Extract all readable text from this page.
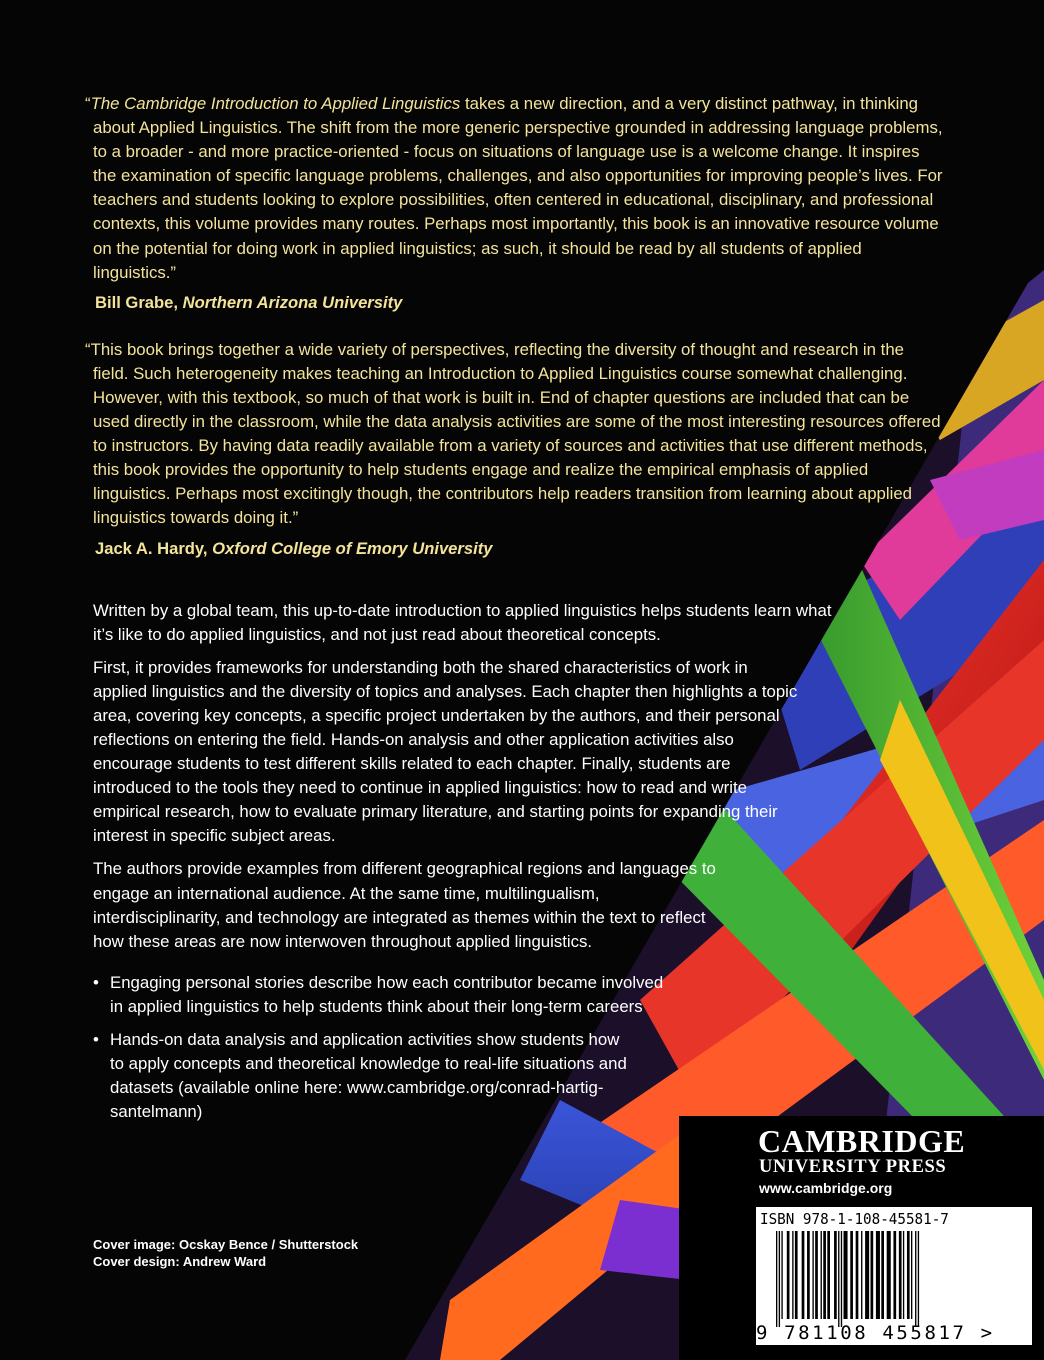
“The Cambridge Introduction to Applied Linguistics takes a new direction, and a very distinct pathway, in thinking about Applied Linguistics. The shift from the more generic perspective grounded in addressing language problems, to a broader - and more practice-oriented - focus on situations of language use is a welcome change. It inspires the examination of specific language problems, challenges, and also opportunities for improving people’s lives. For teachers and students looking to explore possibilities, often centered in educational, disciplinary, and professional contexts, this volume provides many routes. Perhaps most importantly, this book is an innovative resource volume on the potential for doing work in applied linguistics; as such, it should be read by all students of applied linguistics.”

Bill Grabe, Northern Arizona University

“This book brings together a wide variety of perspectives, reflecting the diversity of thought and research in the field. Such heterogeneity makes teaching an Introduction to Applied Linguistics course somewhat challenging. However, with this textbook, so much of that work is built in. End of chapter questions are included that can be used directly in the classroom, while the data analysis activities are some of the most interesting resources offered to instructors. By having data readily available from a variety of sources and activities that use different methods, this book provides the opportunity to help students engage and realize the empirical emphasis of applied linguistics. Perhaps most excitingly though, the contributors help readers transition from learning about applied linguistics towards doing it.”

Jack A. Hardy, Oxford College of Emory University

Written by a global team, this up-to-date introduction to applied linguistics helps students learn what it’s like to do applied linguistics, and not just read about theoretical concepts.

First, it provides frameworks for understanding both the shared characteristics of work in applied linguistics and the diversity of topics and analyses. Each chapter then highlights a topic area, covering key concepts, a specific project undertaken by the authors, and their personal reflections on entering the field. Hands-on analysis and other application activities also encourage students to test different skills related to each chapter. Finally, students are introduced to the tools they need to continue in applied linguistics: how to read and write empirical research, how to evaluate primary literature, and starting points for expanding their interest in specific subject areas.

The authors provide examples from different geographical regions and languages to engage an international audience. At the same time, multilingualism, interdisciplinarity, and technology are integrated as themes within the text to reflect how these areas are now interwoven throughout applied linguistics.

• Engaging personal stories describe how each contributor became involved in applied linguistics to help students think about their long-term careers
• Hands-on data analysis and application activities show students how to apply concepts and theoretical knowledge to real-life situations and datasets (available online here: www.cambridge.org/conrad-hartig-santelmann)
Cover image: Ocskay Bence / Shutterstock
Cover design: Andrew Ward
CAMBRIDGE
UNIVERSITY PRESS
www.cambridge.org
ISBN 978-1-108-45581-7
9 781108 455817 >
